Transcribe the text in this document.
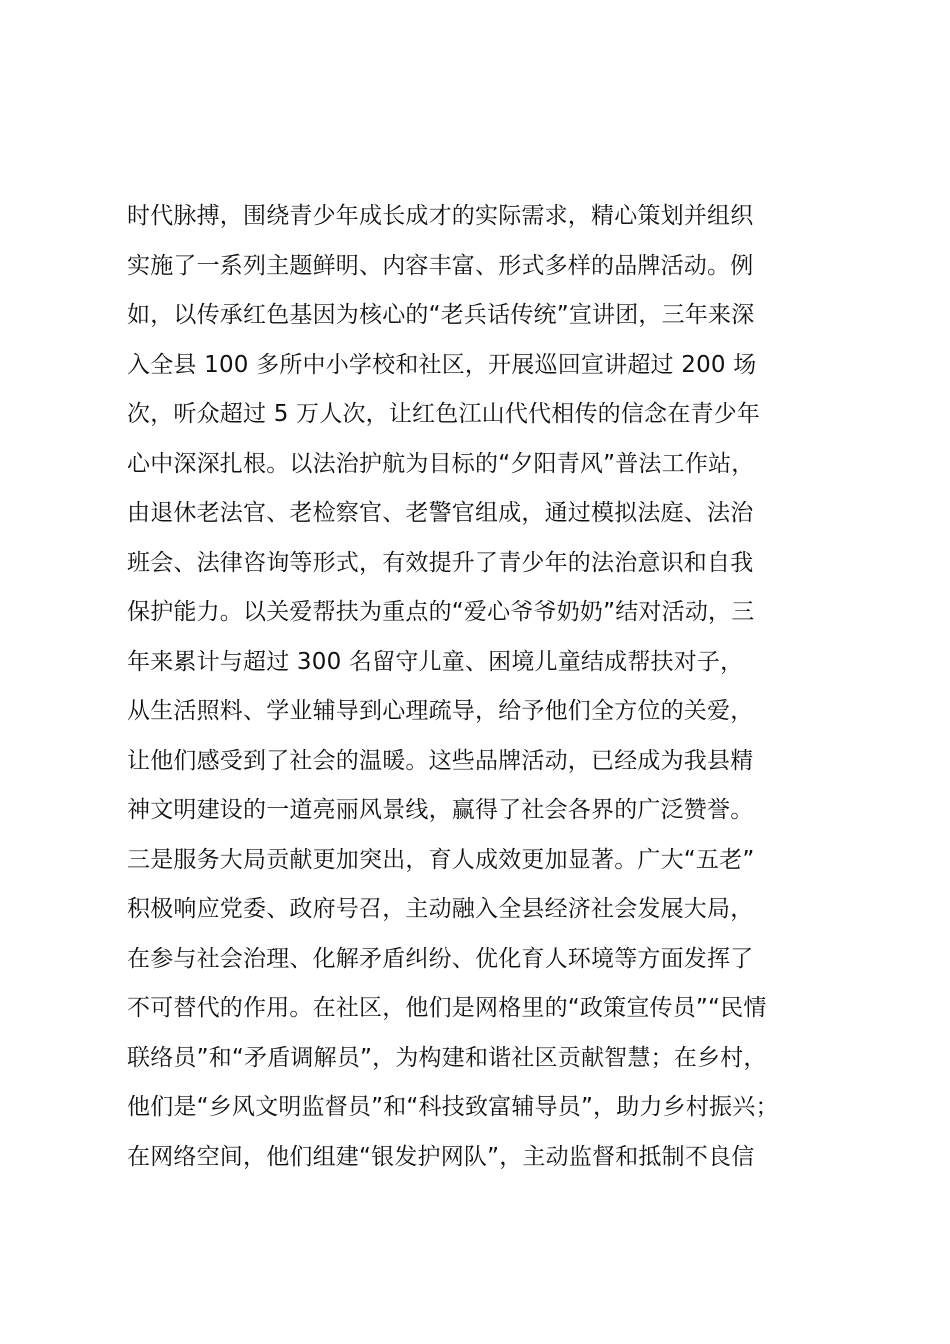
时代脉搏，围绕青少年成长成才的实际需求，精心策划并组织
实施了一系列主题鲜明、内容丰富、形式多样的品牌活动。例
如，以传承红色基因为核心的“老兵话传统”宣讲团，三年来深
入全县 100 多所中小学校和社区，开展巡回宣讲超过 200 场
次，听众超过 5 万人次，让红色江山代代相传的信念在青少年
心中深深扎根。以法治护航为目标的“夕阳青风”普法工作站，
由退休老法官、老检察官、老警官组成，通过模拟法庭、法治
班会、法律咨询等形式，有效提升了青少年的法治意识和自我
保护能力。以关爱帮扶为重点的“爱心爷爷奶奶”结对活动，三
年来累计与超过 300 名留守儿童、困境儿童结成帮扶对子，
从生活照料、学业辅导到心理疏导，给予他们全方位的关爱，
让他们感受到了社会的温暖。这些品牌活动，已经成为我县精
神文明建设的一道亮丽风景线，赢得了社会各界的广泛赞誉。
三是服务大局贡献更加突出，育人成效更加显著。广大“五老”
积极响应党委、政府号召，主动融入全县经济社会发展大局，
在参与社会治理、化解矛盾纠纷、优化育人环境等方面发挥了
不可替代的作用。在社区，他们是网格里的“政策宣传员”“民情
联络员”和“矛盾调解员”，为构建和谐社区贡献智慧；在乡村，
他们是“乡风文明监督员”和“科技致富辅导员”，助力乡村振兴；
在网络空间，他们组建“银发护网队”，主动监督和抵制不良信
